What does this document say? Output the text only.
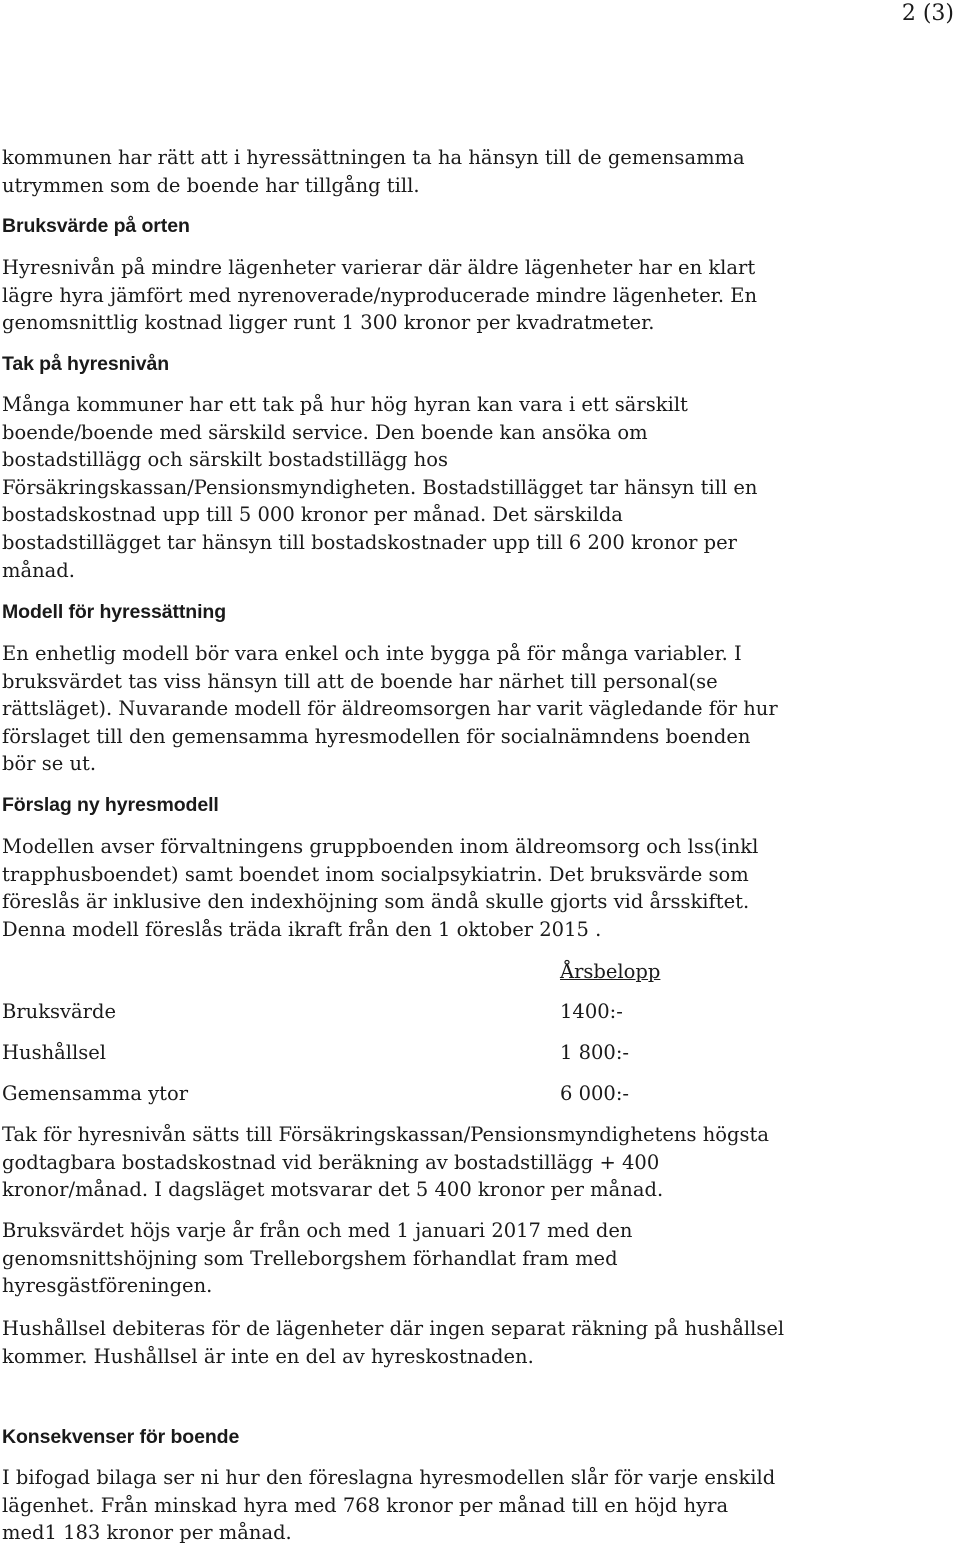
2 (3)

kommunen har rätt att i hyressättningen ta ha hänsyn till de gemensamma
utrymmen som de boende har tillgång till.

Bruksvärde på orten

Hyresnivån på mindre lägenheter varierar där äldre lägenheter har en klart
lägre hyra jämfört med nyrenoverade/nyproducerade mindre lägenheter. En
genomsnittlig kostnad ligger runt 1 300 kronor per kvadratmeter.

Tak på hyresnivån

Många kommuner har ett tak på hur hög hyran kan vara i ett särskilt
boende/boende med särskild service. Den boende kan ansöka om
bostadstillägg och särskilt bostadstillägg hos
Försäkringskassan/Pensionsmyndigheten. Bostadstillägget tar hänsyn till en
bostadskostnad upp till 5 000 kronor per månad. Det särskilda
bostadstillägget tar hänsyn till bostadskostnader upp till 6 200 kronor per
månad.

Modell för hyressättning

En enhetlig modell bör vara enkel och inte bygga på för många variabler. I
bruksvärdet tas viss hänsyn till att de boende har närhet till personal(se
rättsläget). Nuvarande modell för äldreomsorgen har varit vägledande för hur
förslaget till den gemensamma hyresmodellen för socialnämndens boenden
bör se ut.

Förslag ny hyresmodell

Modellen avser förvaltningens gruppboenden inom äldreomsorg och lss(inkl
trapphusboendet) samt boendet inom socialpsykiatrin. Det bruksvärde som
föreslås är inklusive den indexhöjning som ändå skulle gjorts vid årsskiftet.
Denna modell föreslås träda ikraft från den 1 oktober 2015 .

Årsbelopp
Bruksvärde	1400:-
Hushållsel	1 800:-
Gemensamma ytor	6 000:-

Tak för hyresnivån sätts till Försäkringskassan/Pensionsmyndighetens högsta
godtagbara bostadskostnad vid beräkning av bostadstillägg + 400
kronor/månad. I dagsläget motsvarar det 5 400 kronor per månad.

Bruksvärdet höjs varje år från och med 1 januari 2017 med den
genomsnittshöjning som Trelleborgshem förhandlat fram med
hyresgästföreningen.

Hushållsel debiteras för de lägenheter där ingen separat räkning på hushållsel
kommer. Hushållsel är inte en del av hyreskostnaden.

Konsekvenser för boende

I bifogad bilaga ser ni hur den föreslagna hyresmodellen slår för varje enskild
lägenhet. Från minskad hyra med 768 kronor per månad till en höjd hyra
med1 183 kronor per månad.
